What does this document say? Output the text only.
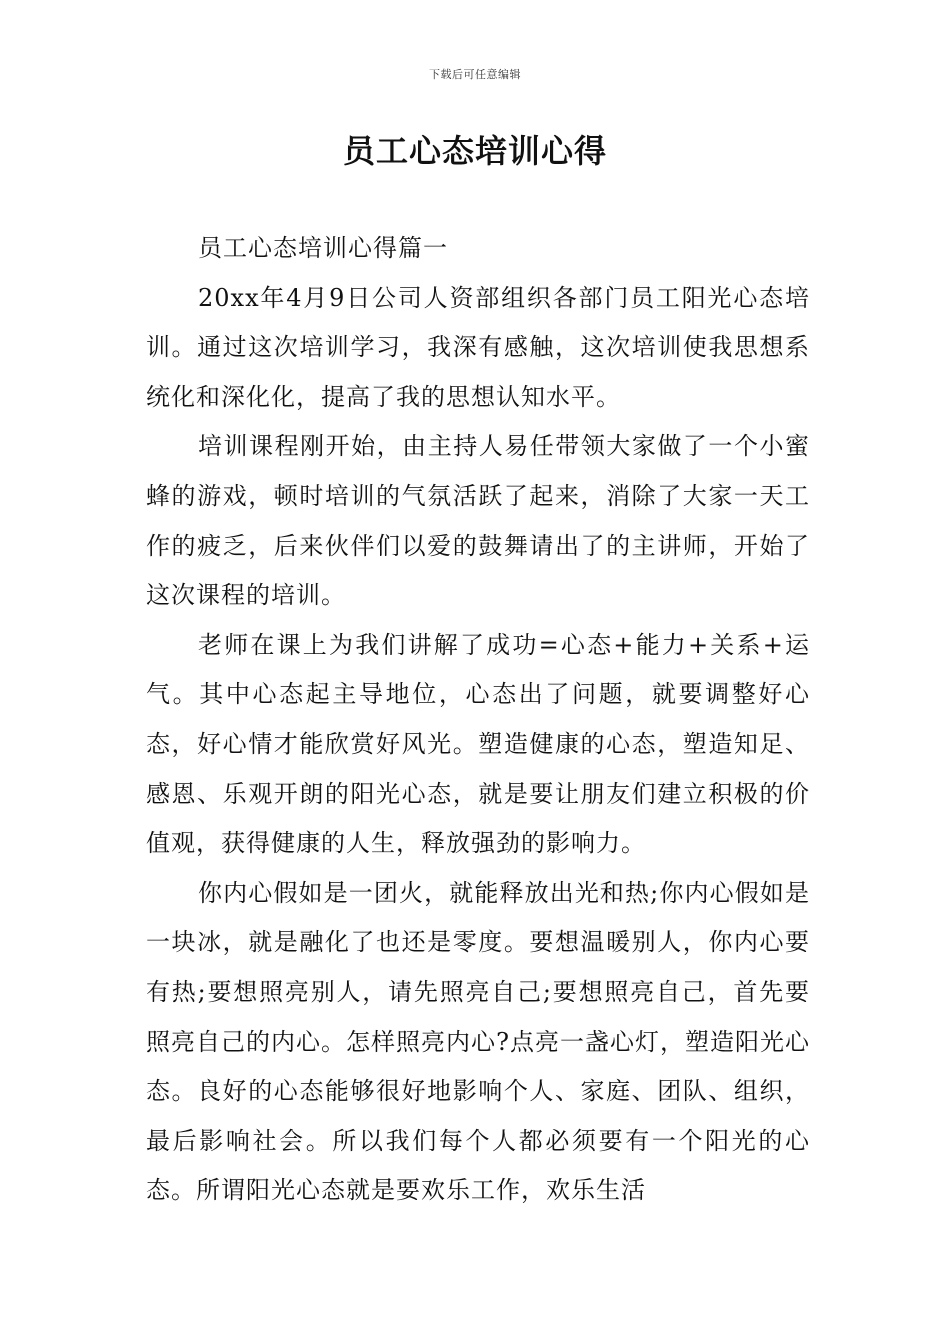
下载后可任意编辑
员工心态培训心得

员工心态培训心得篇一

20xx年4月9日公司人资部组织各部门员工阳光心态培训。通过这次培训学习，我深有感触，这次培训使我思想系统化和深化化，提高了我的思想认知水平。

培训课程刚开始，由主持人易任带领大家做了一个小蜜蜂的游戏，顿时培训的气氛活跃了起来，消除了大家一天工作的疲乏，后来伙伴们以爱的鼓舞请出了的主讲师，开始了这次课程的培训。

老师在课上为我们讲解了成功=心态+能力+关系+运气。其中心态起主导地位，心态出了问题，就要调整好心态，好心情才能欣赏好风光。塑造健康的心态，塑造知足、感恩、乐观开朗的阳光心态，就是要让朋友们建立积极的价值观，获得健康的人生，释放强劲的影响力。

你内心假如是一团火，就能释放出光和热;你内心假如是一块冰，就是融化了也还是零度。要想温暖别人，你内心要有热;要想照亮别人，请先照亮自己;要想照亮自己，首先要照亮自己的内心。怎样照亮内心?点亮一盏心灯，塑造阳光心态。良好的心态能够很好地影响个人、家庭、团队、组织，最后影响社会。所以我们每个人都必须要有一个阳光的心态。所谓阳光心态就是要欢乐工作，欢乐生活
